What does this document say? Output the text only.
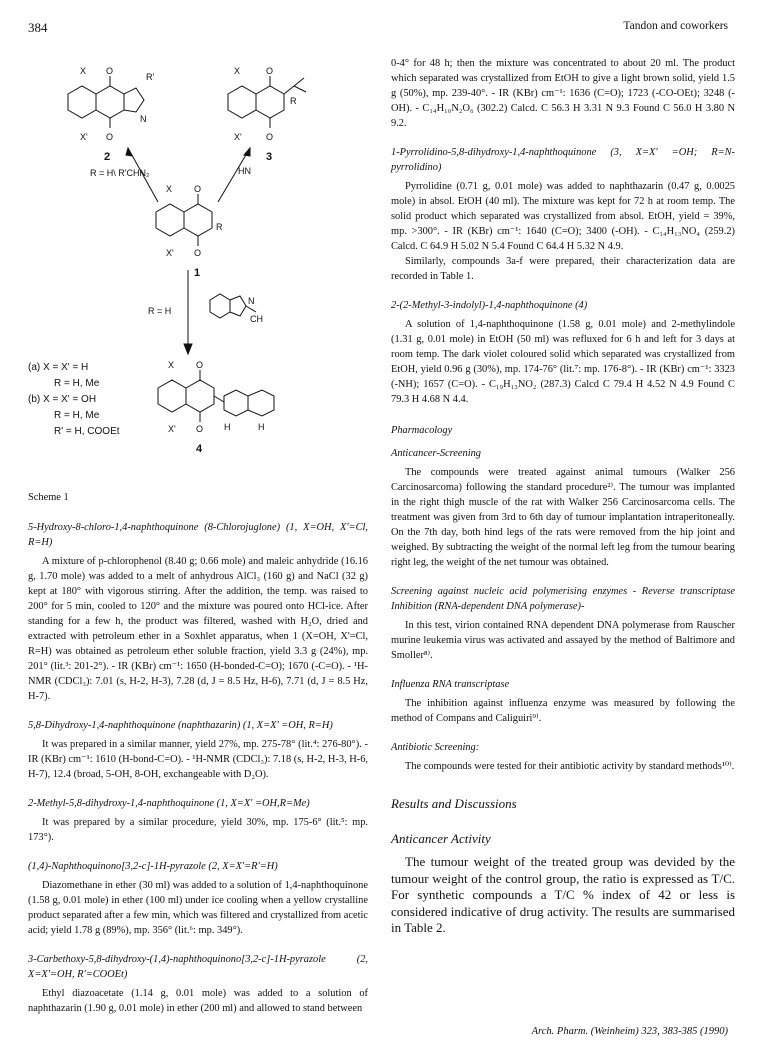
384	Tandon and coworkers
X O
R'
X' O
N
X	O
R
X'	O
X O
R
X' O
CH
N
X O
X' O H	H
2	3
1
4
R = H\ R'CHN₂	HN
R = H
(a) X = X' = H
R = H, Me
(b) X = X' = OH
R = H, Me
R' = H, COOEt

Scheme 1

5-Hydroxy-8-chloro-1,4-naphthoquinone (8-Chlorojuglone) (1, X=OH, X'=Cl, R=H)

A mixture of p-chlorophenol (8.40 g; 0.66 mole) and maleic anhydride (16.16 g, 1.70 mole) was added to a melt of anhydrous AlCl₃ (160 g) and NaCl (32 g) kept at 180° with vigorous stirring. After the addition, the temp. was raised to 200° for 5 min, cooled to 120° and the mixture was poured onto HCl-ice. After standing for a few h, the product was filtered, washed with H₂O, dried and extracted with petroleum ether in a Soxhlet apparatus, when 1 (X=OH, X'=Cl, R=H) was obtained as petroleum ether soluble fraction, yield 3.3 g (24%), mp. 201° (lit.³: 201-2°). - IR (KBr) cm⁻¹: 1650 (H-bonded-C=O); 1670 (-C=O). - ¹H-NMR (CDCl₃): 7.01 (s, H-2, H-3), 7.28 (d, J = 8.5 Hz, H-6), 7.71 (d, J = 8.5 Hz, H-7).

5,8-Dihydroxy-1,4-naphthoquinone (naphthazarin) (1, X=X' =OH, R=H)

It was prepared in a similar manner, yield 27%, mp. 275-78° (lit.⁴: 276-80°). - IR (KBr) cm⁻¹: 1610 (H-bond-C=O). - ¹H-NMR (CDCl₃): 7.18 (s, H-2, H-3, H-6, H-7), 12.4 (broad, 5-OH, 8-OH, exchangeable with D₂O).

2-Methyl-5,8-dihydroxy-1,4-naphthoquinone (1, X=X' =OH,R=Me)

It was prepared by a similar procedure, yield 30%, mp. 175-6° (lit.⁵: mp. 173°).

(1,4)-Naphthoquinono[3,2-c]-1H-pyrazole (2, X=X'=R'=H)

Diazomethane in ether (30 ml) was added to a solution of 1,4-naphthoquinone (1.58 g, 0.01 mole) in ether (100 ml) under ice cooling when a yellow crystalline product separated after a few min, which was filtered and crystallized from acetic acid; yield 1.78 g (89%), mp. 356° (lit.⁶: mp. 349°).

3-Carbethoxy-5,8-dihydroxy-(1,4)-naphthoquinono[3,2-c]-1H-pyrazole (2, X=X'=OH, R'=COOEt)

Ethyl diazoacetate (1.14 g, 0.01 mole) was added to a solution of naphthazarin (1.90 g, 0.01 mole) in ether (200 ml) and allowed to stand between

0-4° for 48 h; then the mixture was concentrated to about 20 ml. The product which separated was crystallized from EtOH to give a light brown solid, yield 1.5 g (50%), mp. 239-40°. - IR (KBr) cm⁻¹: 1636 (C=O); 1723 (-CO-OEt); 3248 (-OH). - C₁₄H₁₀N₂O₆ (302.2) Calcd. C 56.3 H 3.31 N 9.3 Found C 56.0 H 3.80 N 9.2.

1-Pyrrolidino-5,8-dihydroxy-1,4-naphthoquinone (3, X=X' =OH; R=N-pyrrolidino)

Pyrrolidine (0.71 g, 0.01 mole) was added to naphthazarin (0.47 g, 0.0025 mole) in absol. EtOH (40 ml). The mixture was kept for 72 h at room temp. The solid product which separated was crystallized from absol. EtOH, yield = 39%, mp. >300°. - IR (KBr) cm⁻¹: 1640 (C=O); 3400 (-OH). - C₁₄H₁₃NO₄ (259.2) Calcd. C 64.9 H 5.02 N 5.4 Found C 64.4 H 5.32 N 4.9.

Similarly, compounds 3a-f were prepared, their characterization data are recorded in Table 1.

2-(2-Methyl-3-indolyl)-1,4-naphthoquinone (4)

A solution of 1,4-naphthoquinone (1.58 g, 0.01 mole) and 2-methylindole (1.31 g, 0.01 mole) in EtOH (50 ml) was refluxed for 6 h and left for 3 days at room temp. The dark violet coloured solid which separated was crystallized from EtOH, yield 0.96 g (30%), mp. 174-76° (lit.⁷: mp. 176-8°). - IR (KBr) cm⁻¹: 3323 (-NH); 1657 (C=O). - C₁₉H₁₃NO₂ (287.3) Calcd C 79.4 H 4.52 N 4.9 Found C 79.3 H 4.68 N 4.4.

Pharmacology

Anticancer-Screening

The compounds were treated against animal tumours (Walker 256 Carcinosarcoma) following the standard procedure²⁾. The tumour was implanted in the right thigh muscle of the rat with Walker 256 Carcinosarcoma cells. The treatment was given from 3rd to 6th day of tumour implantation intraperitoneally. On the 7th day, both hind legs of the rats were removed from the hip joint and weighed. By subtracting the weight of the normal left leg from the tumour bearing right leg, the weight of the net tumour was obtained.

Screening against nucleic acid polymerising enzymes - Reverse transcriptase Inhibition (RNA-dependent DNA polymerase)-

In this test, virion contained RNA dependent DNA polymerase from Rauscher murine leukemia virus was activated and assayed by the method of Baltimore and Smoller⁸⁾.

Influenza RNA transcriptase

The inhibition against influenza enzyme was measured by following the method of Compans and Caliguiri⁹⁾.

Antibiotic Screening:

The compounds were tested for their antibiotic activity by standard methods¹⁰⁾.

Results and Discussions

Anticancer Activity

The tumour weight of the treated group was devided by the tumour weight of the control group, the ratio is expressed as T/C. For synthetic compounds a T/C % index of 42 or less is considered indicative of drug activity. The results are summarised in Table 2.

Arch. Pharm. (Weinheim) 323, 383-385 (1990)
